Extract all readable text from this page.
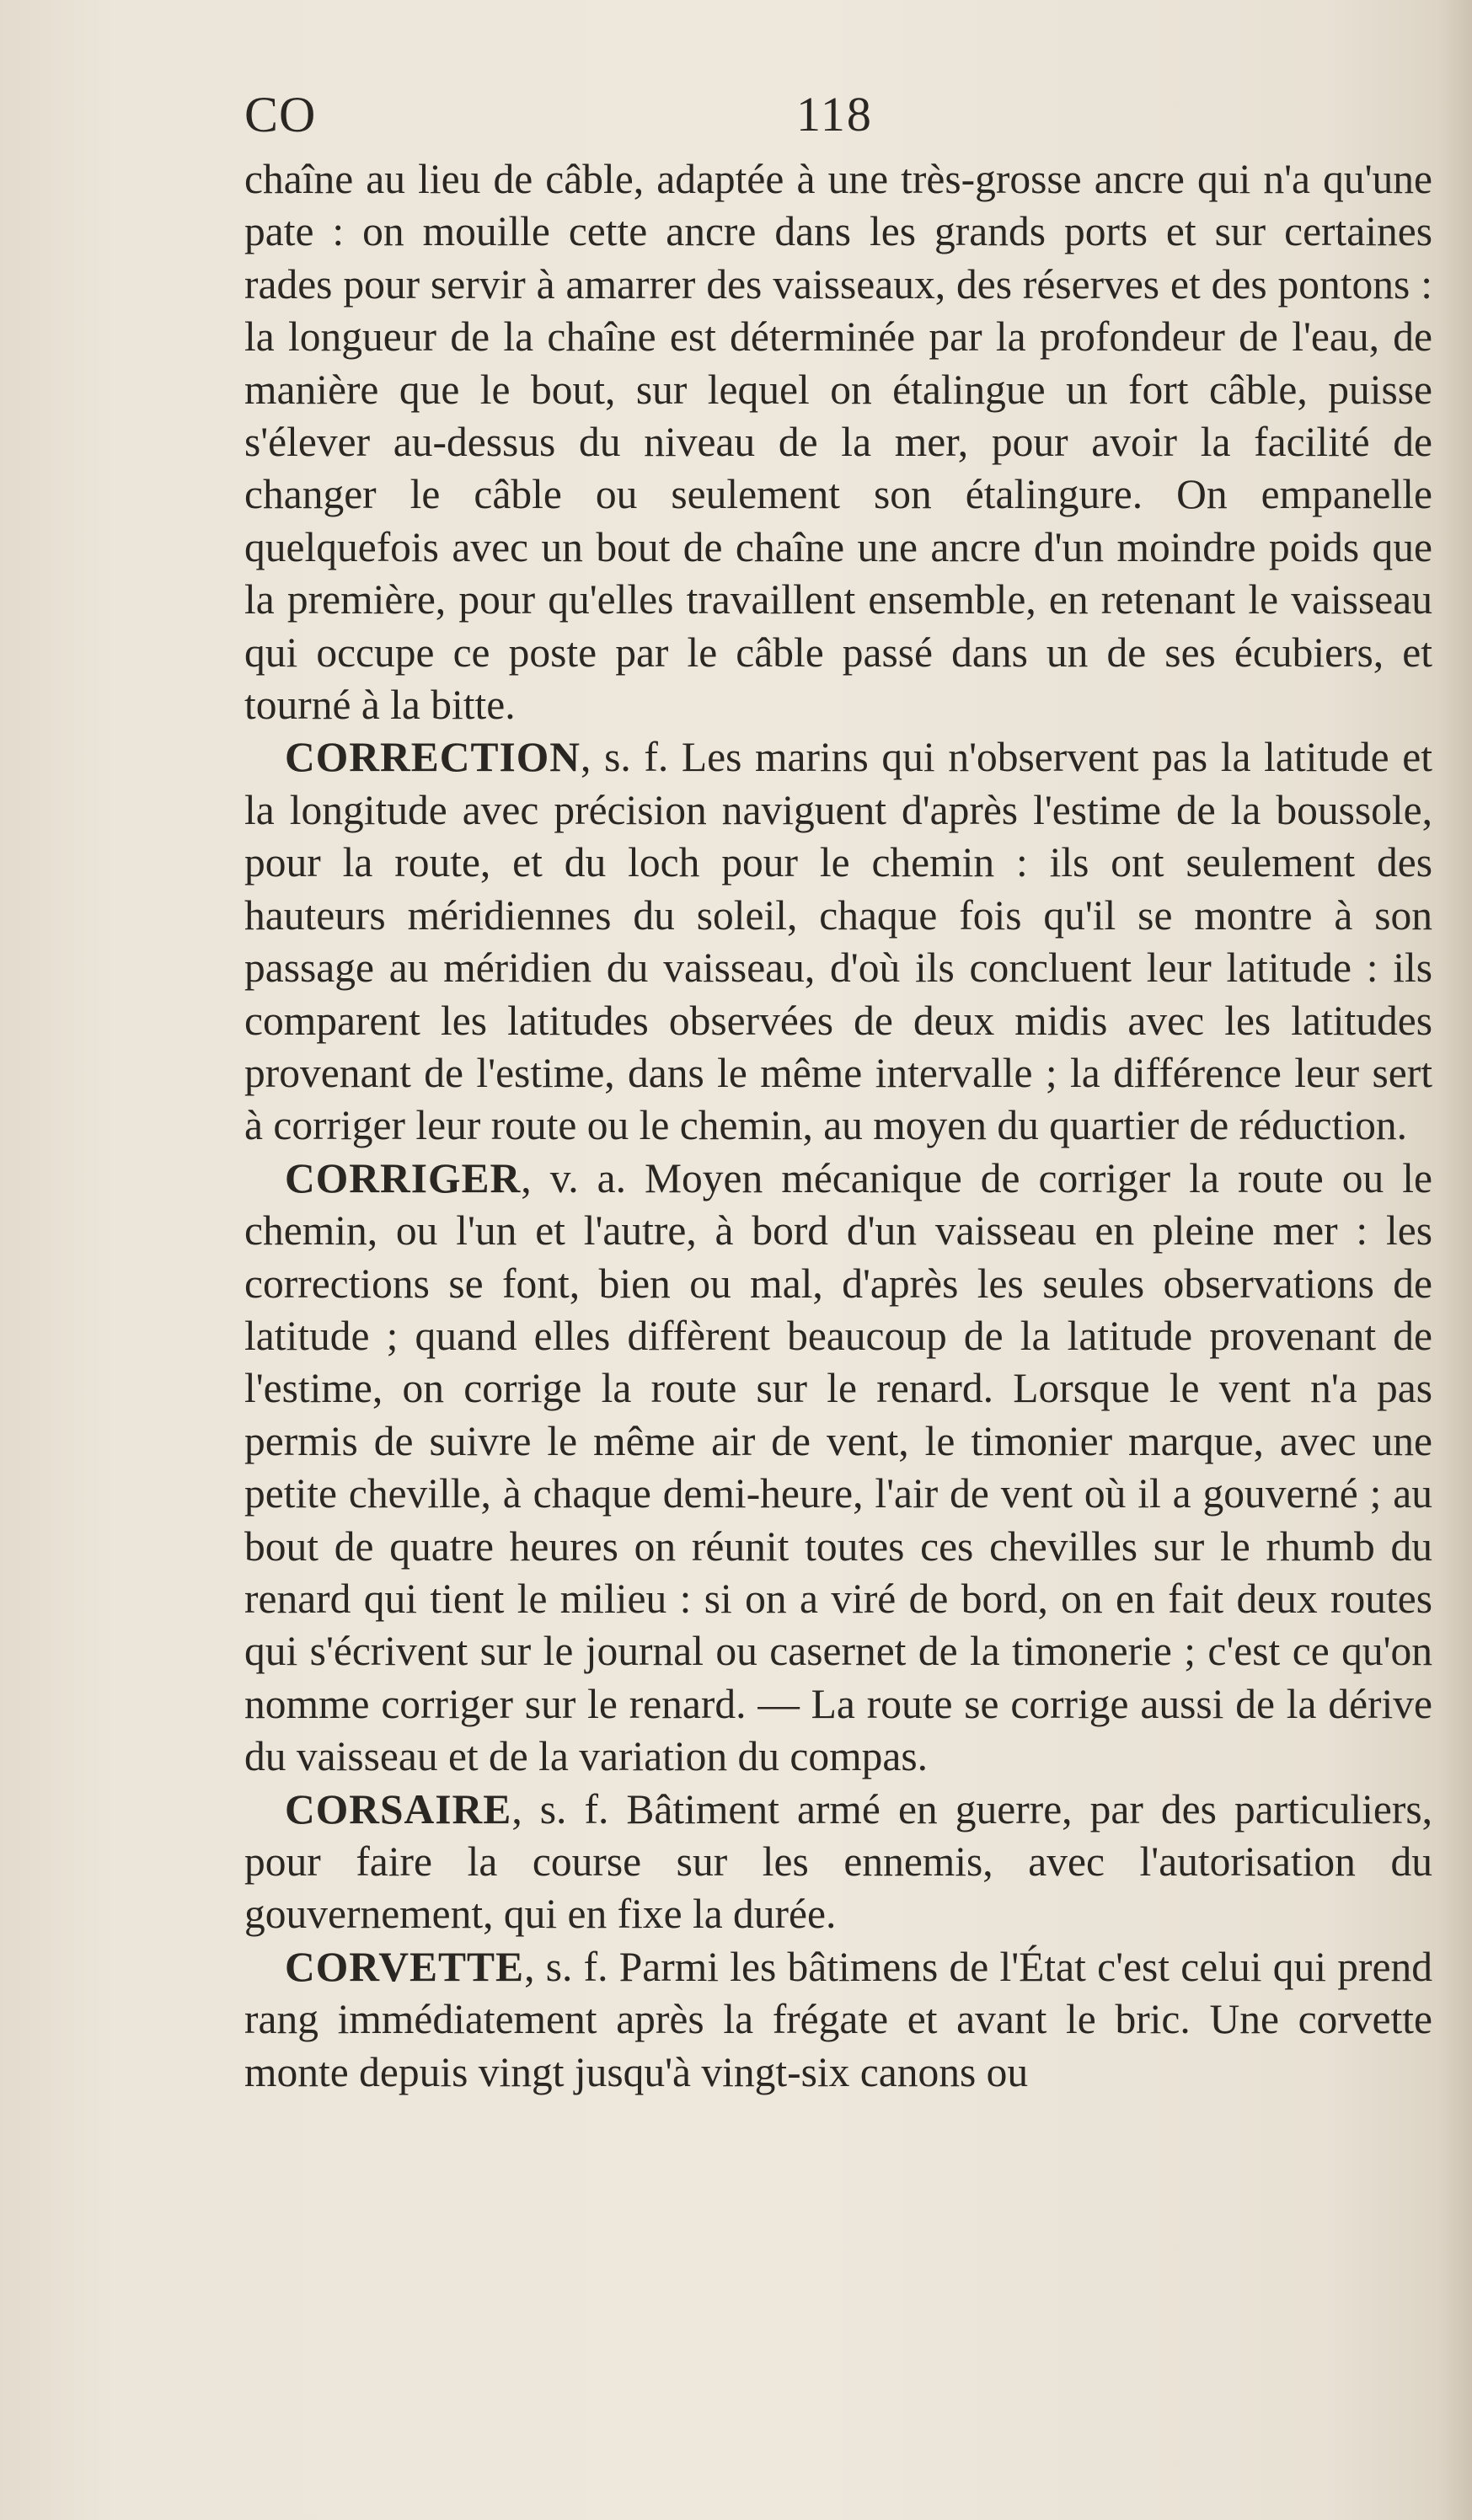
CO	118

chaîne au lieu de câble, adaptée à une très-grosse ancre qui n'a qu'une pate : on mouille cette ancre dans les grands ports et sur certaines rades pour servir à amarrer des vaisseaux, des réserves et des pontons : la longueur de la chaîne est déterminée par la profondeur de l'eau, de manière que le bout, sur lequel on étalingue un fort câble, puisse s'élever au-dessus du niveau de la mer, pour avoir la facilité de changer le câble ou seulement son étalingure. On empanelle quelquefois avec un bout de chaîne une ancre d'un moindre poids que la première, pour qu'elles travaillent ensemble, en retenant le vaisseau qui occupe ce poste par le câble passé dans un de ses écubiers, et tourné à la bitte.

CORRECTION, s. f. Les marins qui n'observent pas la latitude et la longitude avec précision naviguent d'après l'estime de la boussole, pour la route, et du loch pour le chemin : ils ont seulement des hauteurs méridiennes du soleil, chaque fois qu'il se montre à son passage au méridien du vaisseau, d'où ils concluent leur latitude : ils comparent les latitudes observées de deux midis avec les latitudes provenant de l'estime, dans le même intervalle ; la différence leur sert à corriger leur route ou le chemin, au moyen du quartier de réduction.

CORRIGER, v. a. Moyen mécanique de corriger la route ou le chemin, ou l'un et l'autre, à bord d'un vaisseau en pleine mer : les corrections se font, bien ou mal, d'après les seules observations de latitude ; quand elles diffèrent beaucoup de la latitude provenant de l'estime, on corrige la route sur le renard. Lorsque le vent n'a pas permis de suivre le même air de vent, le timonier marque, avec une petite cheville, à chaque demi-heure, l'air de vent où il a gouverné ; au bout de quatre heures on réunit toutes ces chevilles sur le rhumb du renard qui tient le milieu : si on a viré de bord, on en fait deux routes qui s'écrivent sur le journal ou casernet de la timonerie ; c'est ce qu'on nomme corriger sur le renard. — La route se corrige aussi de la dérive du vaisseau et de la variation du compas.

CORSAIRE, s. f. Bâtiment armé en guerre, par des particuliers, pour faire la course sur les ennemis, avec l'autorisation du gouvernement, qui en fixe la durée.

CORVETTE, s. f. Parmi les bâtimens de l'État c'est celui qui prend rang immédiatement après la frégate et avant le bric. Une corvette monte depuis vingt jusqu'à vingt-six canons ou
